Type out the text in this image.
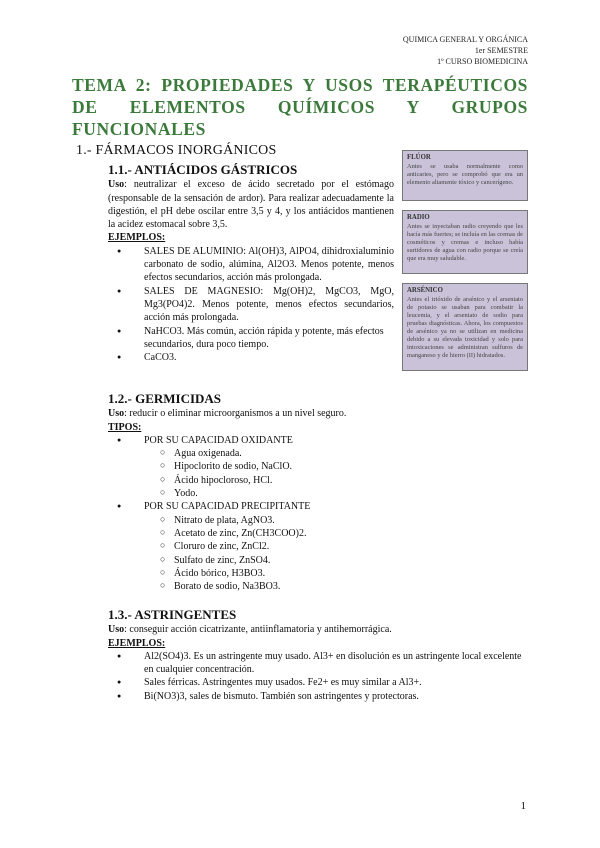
QUIMICA GENERAL Y ORGÁNICA
1er SEMESTRE
1º CURSO BIOMEDICINA
TEMA 2: PROPIEDADES Y USOS TERAPÉUTICOS DE ELEMENTOS QUÍMICOS Y GRUPOS FUNCIONALES
1.- FÁRMACOS INORGÁNICOS
1.1.- ANTIÁCIDOS GÁSTRICOS

Uso: neutralizar el exceso de ácido secretado por el estómago (responsable de la sensación de ardor). Para realizar adecuadamente la digestión, el pH debe oscilar entre 3,5 y 4, y los antiácidos mantienen la acidez estomacal sobre 3,5.

EJEMPLOS:
● SALES DE ALUMINIO: Al(OH)3, AlPO4, dihidroxialuminio carbonato de sodio, alúmina, Al2O3. Menos potente, menos efectos secundarios, acción más prolongada.
● SALES DE MAGNESIO: Mg(OH)2, MgCO3, MgO, Mg3(PO4)2. Menos potente, menos efectos secundarios, acción más prolongada.
● NaHCO3. Más común, acción rápida y potente, más efectos secundarios, dura poco tiempo.
● CaCO3.
FLÚOR
Antes se usaba normalmente como anticaries, pero se comprobó que era un elemento altamente tóxico y cancerígeno.
RADIO
Antes se inyectaban radio creyendo que les hacía más fuertes; se incluía en las cremas de cosméticos y cremas e incluso había surtidores de agua con radio porque se creía que era muy saludable.
ARSÉNICO
Antes el trióxido de arsénico y el arseniato de potasio se usaban para combatir la leucemia, y el arseniato de sodio para pruebas diagnósticas. Ahora, los compuestos de arsénico ya no se utilizan en medicina debido a su elevada toxicidad y solo para intoxicaciones se administran sulfuros de manganeso y de hierro (II) hidratados.
1.2.- GERMICIDAS

Uso: reducir o eliminar microorganismos a un nivel seguro.

TIPOS:
● POR SU CAPACIDAD OXIDANTE
○ Agua oxigenada.
○ Hipoclorito de sodio, NaClO.
○ Ácido hipocloroso, HCl.
○ Yodo.
● POR SU CAPACIDAD PRECIPITANTE
○ Nitrato de plata, AgNO3.
○ Acetato de zinc, Zn(CH3COO)2.
○ Cloruro de zinc, ZnCl2.
○ Sulfato de zinc, ZnSO4.
○ Ácido bórico, H3BO3.
○ Borato de sodio, Na3BO3.
1.3.- ASTRINGENTES

Uso: conseguir acción cicatrizante, antiinflamatoria y antihemorrágica.

EJEMPLOS:
● Al2(SO4)3. Es un astringente muy usado. Al3+ en disolución es un astringente local excelente en cualquier concentración.
● Sales férricas. Astringentes muy usados. Fe2+ es muy similar a Al3+.
● Bi(NO3)3, sales de bismuto. También son astringentes y protectoras.
1
